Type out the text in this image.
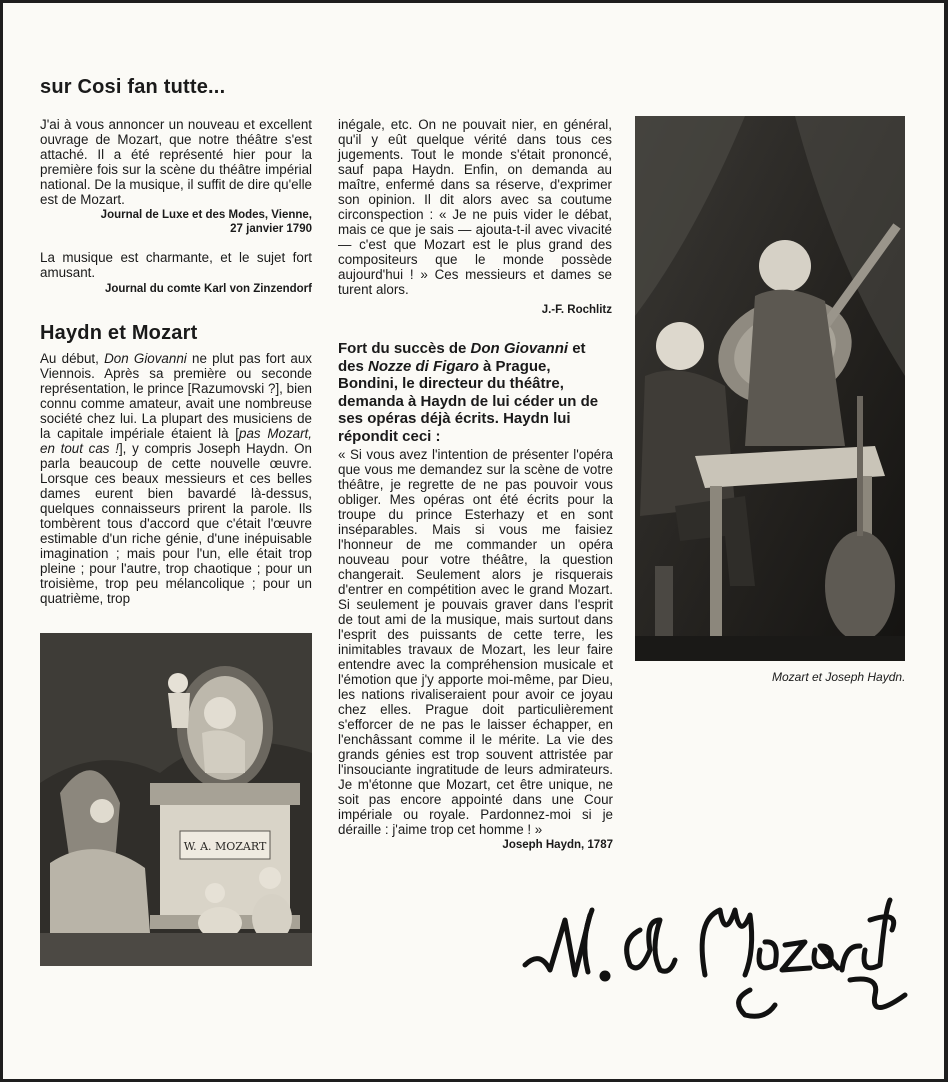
sur Cosi fan tutte...

J'ai à vous annoncer un nouveau et excellent ouvrage de Mozart, que notre théâtre s'est attaché. Il a été représenté hier pour la première fois sur la scène du théâtre impérial national. De la musique, il suffit de dire qu'elle est de Mozart.

Journal de Luxe et des Modes, Vienne,
27 janvier 1790

La musique est charmante, et le sujet fort amusant.

Journal du comte Karl von Zinzendorf

inégale, etc. On ne pouvait nier, en général, qu'il y eût quelque vérité dans tous ces jugements. Tout le monde s'était prononcé, sauf papa Haydn. Enfin, on demanda au maître, enfermé dans sa réserve, d'exprimer son opinion. Il dit alors avec sa coutume circonspection : « Je ne puis vider le débat, mais ce que je sais — ajouta-t-il avec vivacité — c'est que Mozart est le plus grand des compositeurs que le monde possède aujourd'hui ! » Ces messieurs et dames se turent alors.

J.-F. Rochlitz
Haydn et Mozart

Au début, Don Giovanni ne plut pas fort aux Viennois. Après sa première ou seconde représentation, le prince [Razumovski ?], bien connu comme amateur, avait une nombreuse société chez lui. La plupart des musiciens de la capitale impériale étaient là [pas Mozart, en tout cas !], y compris Joseph Haydn. On parla beaucoup de cette nouvelle œuvre. Lorsque ces beaux messieurs et ces belles dames eurent bien bavardé là-dessus, quelques connaisseurs prirent la parole. Ils tombèrent tous d'accord que c'était l'œuvre estimable d'un riche génie, d'une inépuisable imagination ; mais pour l'un, elle était trop pleine ; pour l'autre, trop chaotique ; pour un troisième, trop peu mélancolique ; pour un quatrième, trop

Fort du succès de Don Giovanni et des Nozze di Figaro à Prague, Bondini, le directeur du théâtre, demanda à Haydn de lui céder un de ses opéras déjà écrits. Haydn lui répondit ceci :

« Si vous avez l'intention de présenter l'opéra que vous me demandez sur la scène de votre théâtre, je regrette de ne pas pouvoir vous obliger. Mes opéras ont été écrits pour la troupe du prince Esterhazy et en sont inséparables. Mais si vous me faisiez l'honneur de me commander un opéra nouveau pour votre théâtre, la question changerait. Seulement alors je risquerais d'entrer en compétition avec le grand Mozart. Si seulement je pouvais graver dans l'esprit de tout ami de la musique, mais surtout dans l'esprit des puissants de cette terre, les inimitables travaux de Mozart, les leur faire entendre avec la compréhension musicale et l'émotion que j'y apporte moi-même, par Dieu, les nations rivaliseraient pour avoir ce joyau chez elles. Prague doit particulièrement s'efforcer de ne pas le laisser échapper, en l'enchâssant comme il le mérite. La vie des grands génies est trop souvent attristée par l'insouciante ingratitude de leurs admirateurs. Je m'étonne que Mozart, cet être unique, ne soit pas encore appointé dans une Cour impériale ou royale. Pardonnez-moi si je déraille : j'aime trop cet homme ! »

Joseph Haydn, 1787
Mozart et Joseph Haydn.
W. A. MOZART
